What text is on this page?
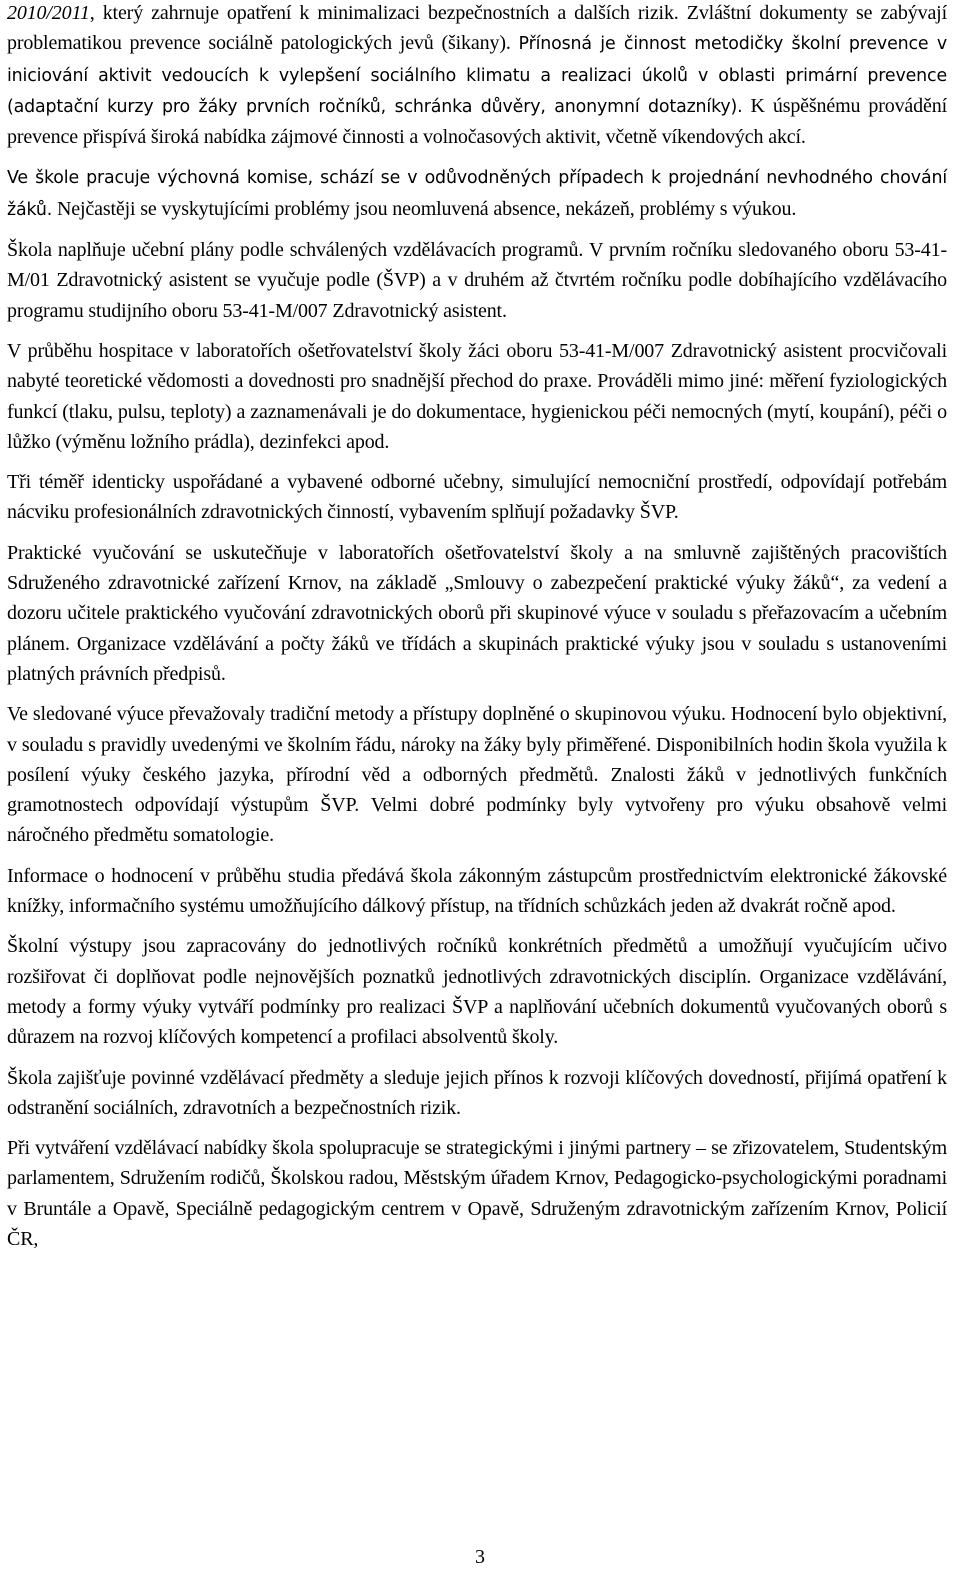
2010/2011, který zahrnuje opatření k minimalizaci bezpečnostních a dalších rizik. Zvláštní dokumenty se zabývají problematikou prevence sociálně patologických jevů (šikany). Přínosná je činnost metodičky školní prevence v iniciování aktivit vedoucích k vylepšení sociálního klimatu a realizaci úkolů v oblasti primární prevence (adaptační kurzy pro žáky prvních ročníků, schránka důvěry, anonymní dotazníky). K úspěšnému provádění prevence přispívá široká nabídka zájmové činnosti a volnočasových aktivit, včetně víkendových akcí.

Ve škole pracuje výchovná komise, schází se v odůvodněných případech k projednání nevhodného chování žáků. Nejčastěji se vyskytujícími problémy jsou neomluvená absence, nekázeň, problémy s výukou.

Škola naplňuje učební plány podle schválených vzdělávacích programů. V prvním ročníku sledovaného oboru 53-41-M/01 Zdravotnický asistent se vyučuje podle (ŠVP) a v druhém až čtvrtém ročníku podle dobíhajícího vzdělávacího programu studijního oboru 53-41-M/007 Zdravotnický asistent.

V průběhu hospitace v laboratořích ošetřovatelství školy žáci oboru 53-41-M/007 Zdravotnický asistent procvičovali nabyté teoretické vědomosti a dovednosti pro snadnější přechod do praxe. Prováděli mimo jiné: měření fyziologických funkcí (tlaku, pulsu, teploty) a zaznamenávali je do dokumentace, hygienickou péči nemocných (mytí, koupání), péči o lůžko (výměnu ložního prádla), dezinfekci apod.

Tři téměř identicky uspořádané a vybavené odborné učebny, simulující nemocniční prostředí, odpovídají potřebám nácviku profesionálních zdravotnických činností, vybavením splňují požadavky ŠVP.

Praktické vyučování se uskutečňuje v laboratořích ošetřovatelství školy a na smluvně zajištěných pracovištích Sdruženého zdravotnické zařízení Krnov, na základě „Smlouvy o zabezpečení praktické výuky žáků“, za vedení a dozoru učitele praktického vyučování zdravotnických oborů při skupinové výuce v souladu s přeřazovacím a učebním plánem. Organizace vzdělávání a počty žáků ve třídách a skupinách praktické výuky jsou v souladu s ustanoveními platných právních předpisů.

Ve sledované výuce převažovaly tradiční metody a přístupy doplněné o skupinovou výuku. Hodnocení bylo objektivní, v souladu s pravidly uvedenými ve školním řádu, nároky na žáky byly přiměřené. Disponibilních hodin škola využila k posílení výuky českého jazyka, přírodní věd a odborných předmětů. Znalosti žáků v jednotlivých funkčních gramotnostech odpovídají výstupům ŠVP. Velmi dobré podmínky byly vytvořeny pro výuku obsahově velmi náročného předmětu somatologie.

Informace o hodnocení v průběhu studia předává škola zákonným zástupcům prostřednictvím elektronické žákovské knížky, informačního systému umožňujícího dálkový přístup, na třídních schůzkách jeden až dvakrát ročně apod.

Školní výstupy jsou zapracovány do jednotlivých ročníků konkrétních předmětů a umožňují vyučujícím učivo rozšiřovat či doplňovat podle nejnovějších poznatků jednotlivých zdravotnických disciplín. Organizace vzdělávání, metody a formy výuky vytváří podmínky pro realizaci ŠVP a naplňování učebních dokumentů vyučovaných oborů s důrazem na rozvoj klíčových kompetencí a profilaci absolventů školy.

Škola zajišťuje povinné vzdělávací předměty a sleduje jejich přínos k rozvoji klíčových dovedností, přijímá opatření k odstranění sociálních, zdravotních a bezpečnostních rizik.

Při vytváření vzdělávací nabídky škola spolupracuje se strategickými i jinými partnery – se zřizovatelem, Studentským parlamentem, Sdružením rodičů, Školskou radou, Městským úřadem Krnov, Pedagogicko-psychologickými poradnami v Bruntále a Opavě, Speciálně pedagogickým centrem v Opavě, Sdruženým zdravotnickým zařízením Krnov, Policií ČR,

3
